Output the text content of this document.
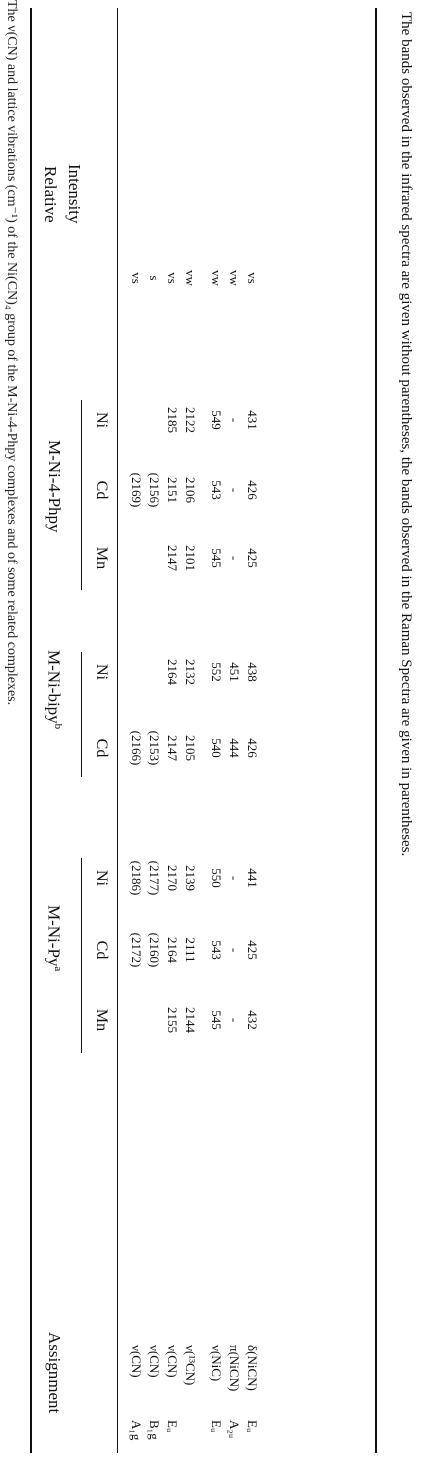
The ν(CN) and lattice vibrations (cm⁻¹) of the Ni(CN)₄ group of the M-Ni-4-Phpy complexes and of some related complexes.
Assignment
M-Ni-Py$^a$
M-Ni-bipy$^b$
M-Ni-4-Phpy
Relative Intensity
Mn
Cd
Ni
Cd
Ni
Mn
Cd
Ni
A₁g
ν(CN)
(2172)
(2186)
(2166)
(2169)
vs
B₁g
ν(CN)
(2160)
(2177)
(2153)
(2156)
s
Eᵤ
ν(CN)
2155
2164
2170
2147
2164
2147
2151
2185
vs
ν(¹³CN)
2144
2111
2139
2105
2132
2101
2106
2122
vw
Eᵤ
ν(NiC)
545
543
550
540
552
545
543
549
vw
A₂ᵤ
π(NiCN)
-
-
-
444
451
-
-
-
vw
Eᵤ
δ(NiCN)
432
425
441
426
438
425
426
431
vs	The bands observed in the infrared spectra are given without parentheses, the bands observed in the Raman Spectra are given in parentheses.
